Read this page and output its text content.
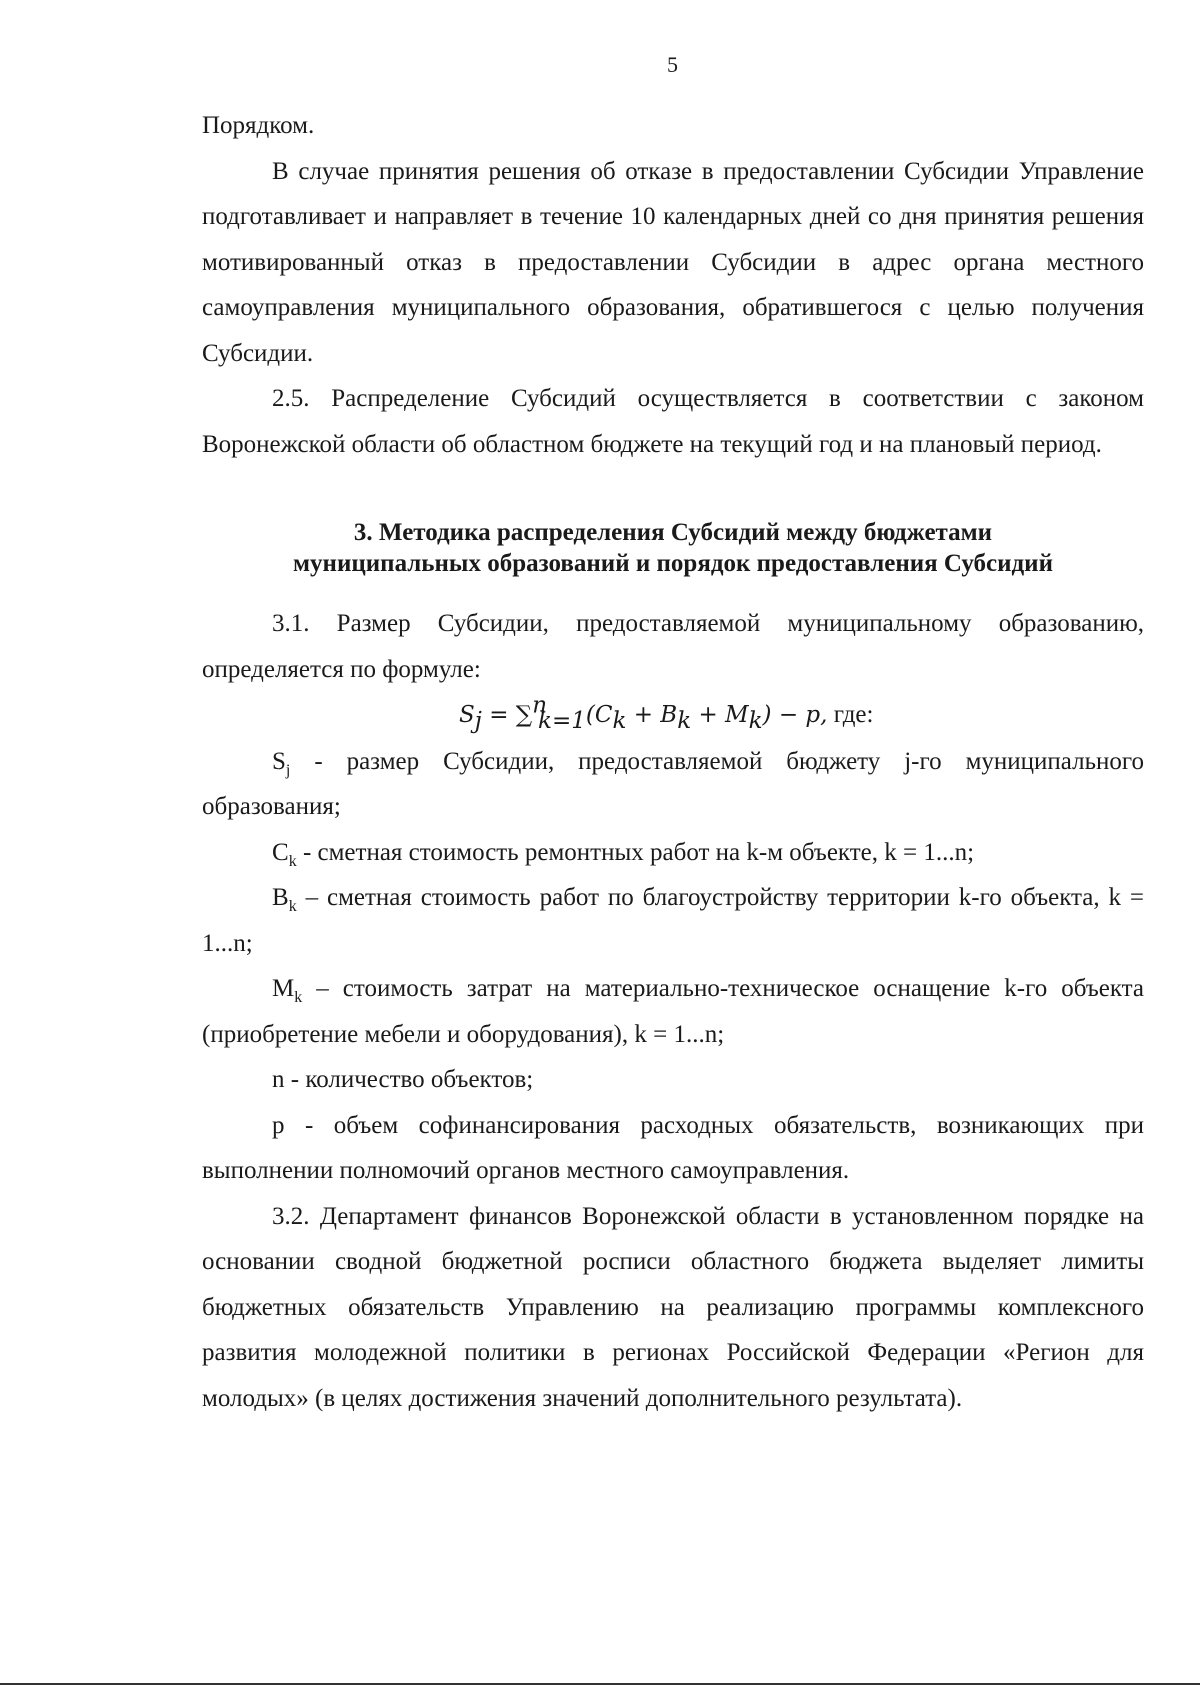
5

Порядком.

В случае принятия решения об отказе в предоставлении Субсидии Управление подготавливает и направляет в течение 10 календарных дней со дня принятия решения мотивированный отказ в предоставлении Субсидии в адрес органа местного самоуправления муниципального образования, обратившегося с целью получения Субсидии.

2.5. Распределение Субсидий осуществляется в соответствии с законом Воронежской области об областном бюджете на текущий год и на плановый период.

3. Методика распределения Субсидий между бюджетами
муниципальных образований и порядок предоставления Субсидий

3.1. Размер Субсидии, предоставляемой муниципальному образованию, определяется по формуле:

$S_j = \sum^n_{k=1}(C_k + B_k + M_k) - p$, где:

$S_j$ - размер Субсидии, предоставляемой бюджету j-го муниципального образования;

$C_k$ - сметная стоимость ремонтных работ на k-м объекте, k = 1...n;

$B_k$ – сметная стоимость работ по благоустройству территории k-го объекта, k = 1...n;

$M_k$ – стоимость затрат на материально-техническое оснащение k-го объекта (приобретение мебели и оборудования), k = 1...n;

n - количество объектов;

p - объем софинансирования расходных обязательств, возникающих при выполнении полномочий органов местного самоуправления.

3.2. Департамент финансов Воронежской области в установленном порядке на основании сводной бюджетной росписи областного бюджета выделяет лимиты бюджетных обязательств Управлению на реализацию программы комплексного развития молодежной политики в регионах Российской Федерации «Регион для молодых» (в целях достижения значений дополнительного результата).
